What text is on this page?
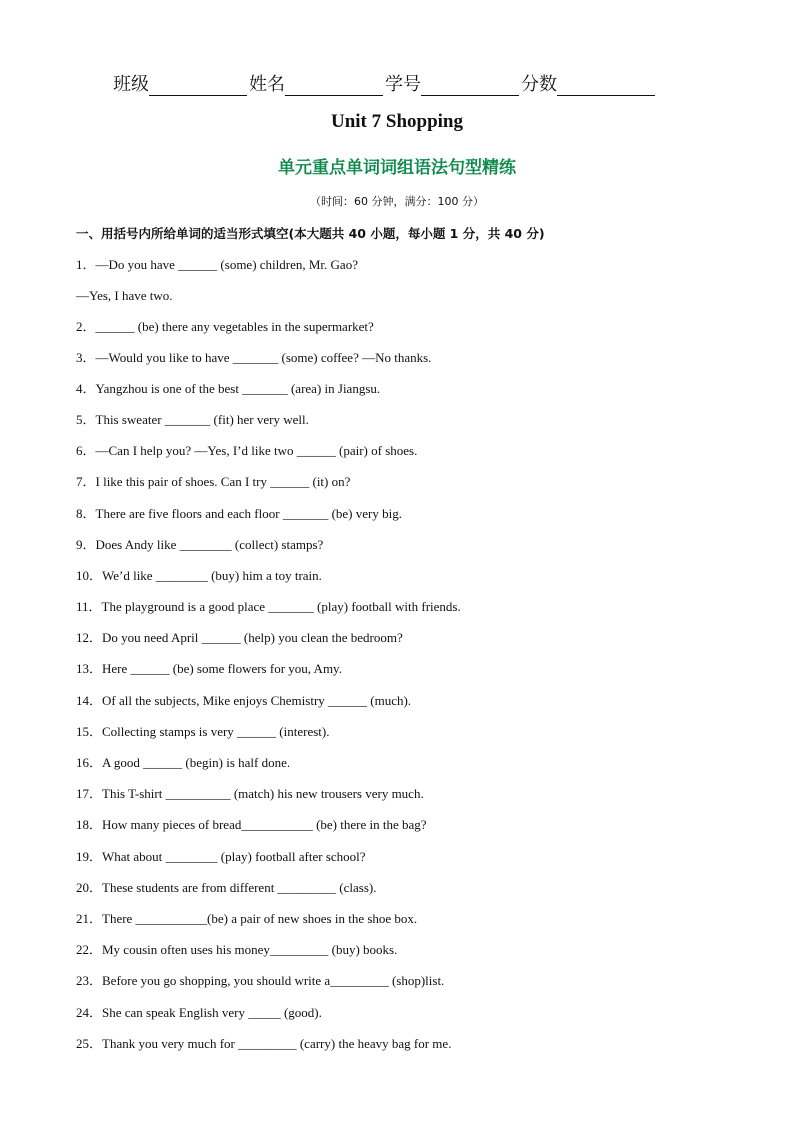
班级	姓名	学号	分数
Unit 7 Shopping
单元重点单词词组语法句型精练
（时间：60 分钟，满分：100 分）
一、用括号内所给单词的适当形式填空(本大题共 40 小题，每小题 1 分，共 40 分)
1．—Do you have ______ (some) children, Mr. Gao?
—Yes, I have two.
2．______ (be) there any vegetables in the supermarket?
3．—Would you like to have _______ (some) coffee? —No thanks.
4．Yangzhou is one of the best _______ (area) in Jiangsu.
5．This sweater _______ (fit) her very well.
6．—Can I help you? —Yes, I’d like two ______ (pair) of shoes.
7．I like this pair of shoes. Can I try ______ (it) on?
8．There are five floors and each floor _______ (be) very big.
9．Does Andy like ________ (collect) stamps?
10．We’d like ________ (buy) him a toy train.
11．The playground is a good place _______ (play) football with friends.
12．Do you need April ______ (help) you clean the bedroom?
13．Here ______ (be) some flowers for you, Amy.
14．Of all the subjects, Mike enjoys Chemistry ______ (much).
15．Collecting stamps is very ______ (interest).
16．A good ______ (begin) is half done.
17．This T-shirt __________ (match) his new trousers very much.
18．How many pieces of bread___________ (be) there in the bag?
19．What about ________ (play) football after school?
20．These students are from different _________ (class).
21．There ___________(be) a pair of new shoes in the shoe box.
22．My cousin often uses his money_________ (buy) books.
23．Before you go shopping, you should write a_________ (shop)list.
24．She can speak English very _____ (good).
25．Thank you very much for _________ (carry) the heavy bag for me.
